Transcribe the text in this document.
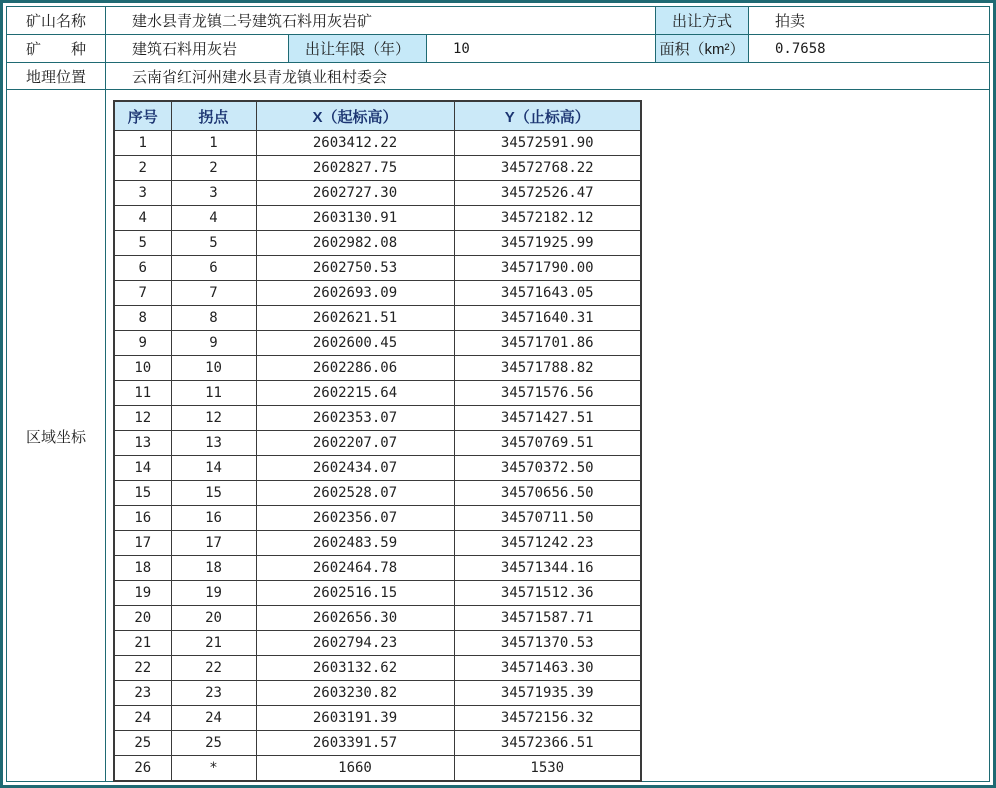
矿山名称	建水县青龙镇二号建筑石料用灰岩矿	出让方式	拍卖
矿　　种	建筑石料用灰岩	出让年限（年）	10	面积（km²）	0.7658
地理位置	云南省红河州建水县青龙镇业租村委会
区域坐标
序号	拐点	X（起标高）	Y（止标高）
1	1	2603412.22	34572591.90
2	2	2602827.75	34572768.22
3	3	2602727.30	34572526.47
4	4	2603130.91	34572182.12
5	5	2602982.08	34571925.99
6	6	2602750.53	34571790.00
7	7	2602693.09	34571643.05
8	8	2602621.51	34571640.31
9	9	2602600.45	34571701.86
10	10	2602286.06	34571788.82
11	11	2602215.64	34571576.56
12	12	2602353.07	34571427.51
13	13	2602207.07	34570769.51
14	14	2602434.07	34570372.50
15	15	2602528.07	34570656.50
16	16	2602356.07	34570711.50
17	17	2602483.59	34571242.23
18	18	2602464.78	34571344.16
19	19	2602516.15	34571512.36
20	20	2602656.30	34571587.71
21	21	2602794.23	34571370.53
22	22	2603132.62	34571463.30
23	23	2603230.82	34571935.39
24	24	2603191.39	34572156.32
25	25	2603391.57	34572366.51
26	*	1660	1530
